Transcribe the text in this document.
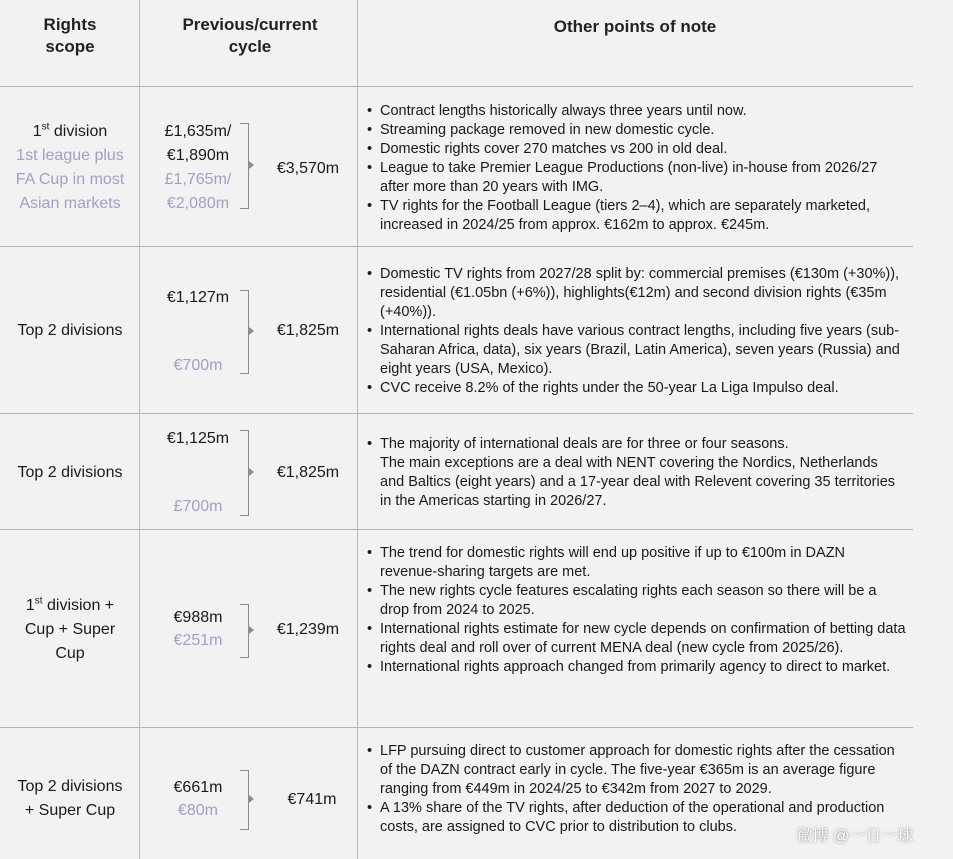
Rights scope
Previous/current cycle
Other points of note
1st division
1st league plus FA Cup in most Asian markets
£1,635m/
€1,890m
£1,765m/
€2,080m
€3,570m
• Contract lengths historically always three years until now.
• Streaming package removed in new domestic cycle.
• Domestic rights cover 270 matches vs 200 in old deal.
• League to take Premier League Productions (non-live) in-house from 2026/27 after more than 20 years with IMG.
• TV rights for the Football League (tiers 2–4), which are separately marketed, increased in 2024/25 from approx. €162m to approx. €245m.
Top 2 divisions
€1,127m
€700m
€1,825m
• Domestic TV rights from 2027/28 split by: commercial premises (€130m (+30%)), residential (€1.05bn (+6%)), highlights(€12m) and second division rights (€35m (+40%)).
• International rights deals have various contract lengths, including five years (sub-Saharan Africa, data), six years (Brazil, Latin America), seven years (Russia) and eight years (USA, Mexico).
• CVC receive 8.2% of the rights under the 50-year La Liga Impulso deal.
Top 2 divisions
€1,125m
£700m
€1,825m
• The majority of international deals are for three or four seasons.
The main exceptions are a deal with NENT covering the Nordics, Netherlands and Baltics (eight years) and a 17-year deal with Relevent covering 35 territories in the Americas starting in 2026/27.
1st division +
Cup + Super
Cup
€988m
€251m
€1,239m
• The trend for domestic rights will end up positive if up to €100m in DAZN revenue-sharing targets are met.
• The new rights cycle features escalating rights each season so there will be a drop from 2024 to 2025.
• International rights estimate for new cycle depends on confirmation of betting data rights deal and roll over of current MENA deal (new cycle from 2025/26).
• International rights approach changed from primarily agency to direct to market.
Top 2 divisions
+ Super Cup
€661m
€80m
€741m
• LFP pursuing direct to customer approach for domestic rights after the cessation of the DAZN contract early in cycle. The five-year €365m is an average figure ranging from €449m in 2024/25 to €342m from 2027 to 2029.
• A 13% share of the TV rights, after deduction of the operational and production costs, are assigned to CVC prior to distribution to clubs.
微博 @一日一球
